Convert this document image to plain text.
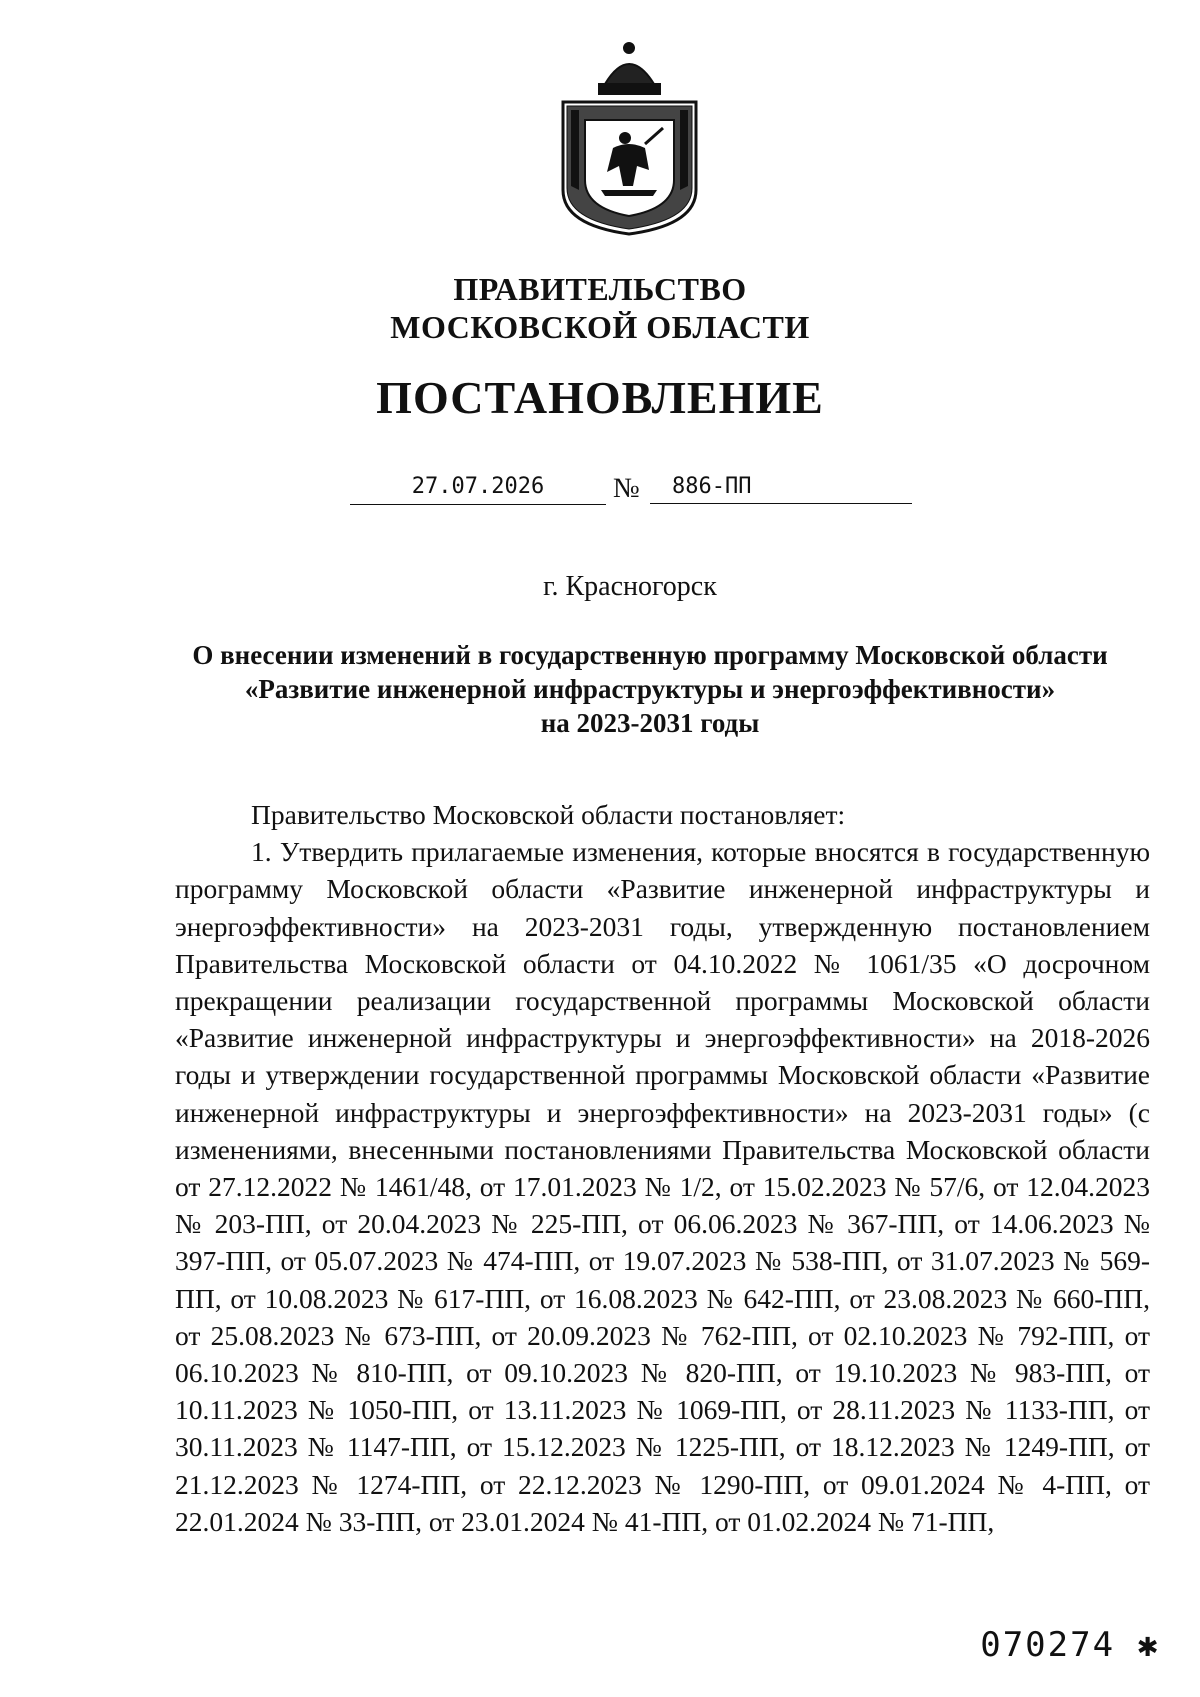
ПРАВИТЕЛЬСТВО
МОСКОВСКОЙ ОБЛАСТИ
ПОСТАНОВЛЕНИЕ
27.07.2026	№	886-ПП
г. Красногорск
О внесении изменений в государственную программу Московской области
«Развитие инженерной инфраструктуры и энергоэффективности»
на 2023-2031 годы

Правительство Московской области постановляет:

1. Утвердить прилагаемые изменения, которые вносятся в государственную программу Московской области «Развитие инженерной инфраструктуры и энергоэффективности» на 2023-2031 годы, утвержденную постановлением Правительства Московской области от 04.10.2022 № 1061/35 «О досрочном прекращении реализации государственной программы Московской области «Развитие инженерной инфраструктуры и энергоэффективности» на 2018-2026 годы и утверждении государственной программы Московской области «Развитие инженерной инфраструктуры и энергоэффективности» на 2023-2031 годы» (с изменениями, внесенными постановлениями Правительства Московской области от 27.12.2022 № 1461/48, от 17.01.2023 № 1/2, от 15.02.2023 № 57/6, от 12.04.2023 № 203-ПП, от 20.04.2023 № 225-ПП, от 06.06.2023 № 367-ПП, от 14.06.2023 № 397-ПП, от 05.07.2023 № 474-ПП, от 19.07.2023 № 538-ПП, от 31.07.2023 № 569-ПП, от 10.08.2023 № 617-ПП, от 16.08.2023 № 642-ПП, от 23.08.2023 № 660-ПП, от 25.08.2023 № 673-ПП, от 20.09.2023 № 762-ПП, от 02.10.2023 № 792-ПП, от 06.10.2023 № 810-ПП, от 09.10.2023 № 820-ПП, от 19.10.2023 № 983-ПП, от 10.11.2023 № 1050-ПП, от 13.11.2023 № 1069-ПП, от 28.11.2023 № 1133-ПП, от 30.11.2023 № 1147-ПП, от 15.12.2023 № 1225-ПП, от 18.12.2023 № 1249-ПП, от 21.12.2023 № 1274-ПП, от 22.12.2023 № 1290-ПП, от 09.01.2024 № 4-ПП, от 22.01.2024 № 33-ПП, от 23.01.2024 № 41-ПП, от 01.02.2024 № 71-ПП,

070274 ✱
